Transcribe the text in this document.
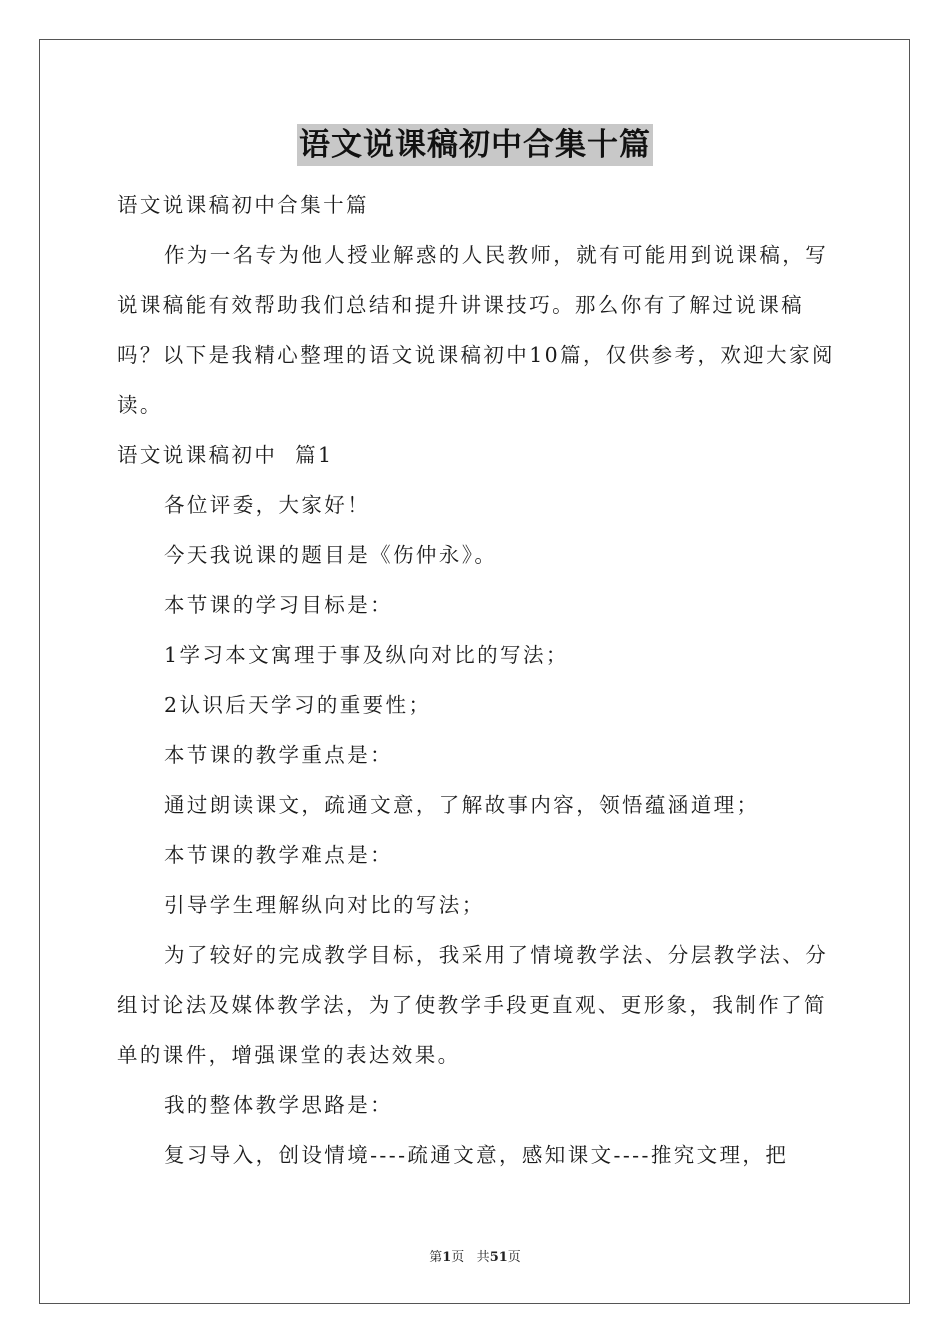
语文说课稿初中合集十篇

语文说课稿初中合集十篇

作为一名专为他人授业解惑的人民教师，就有可能用到说课稿，写说课稿能有效帮助我们总结和提升讲课技巧。那么你有了解过说课稿吗？以下是我精心整理的语文说课稿初中10篇，仅供参考，欢迎大家阅读。

语文说课稿初中  篇1

各位评委，大家好！

今天我说课的题目是《伤仲永》。

本节课的学习目标是：

1学习本文寓理于事及纵向对比的写法；

2认识后天学习的重要性；

本节课的教学重点是：

通过朗读课文，疏通文意，了解故事内容，领悟蕴涵道理；

本节课的教学难点是：

引导学生理解纵向对比的写法；

为了较好的完成教学目标，我采用了情境教学法、分层教学法、分组讨论法及媒体教学法，为了使教学手段更直观、更形象，我制作了简单的课件，增强课堂的表达效果。

我的整体教学思路是：

复习导入，创设情境----疏通文意，感知课文----推究文理，把

第1页 共51页
